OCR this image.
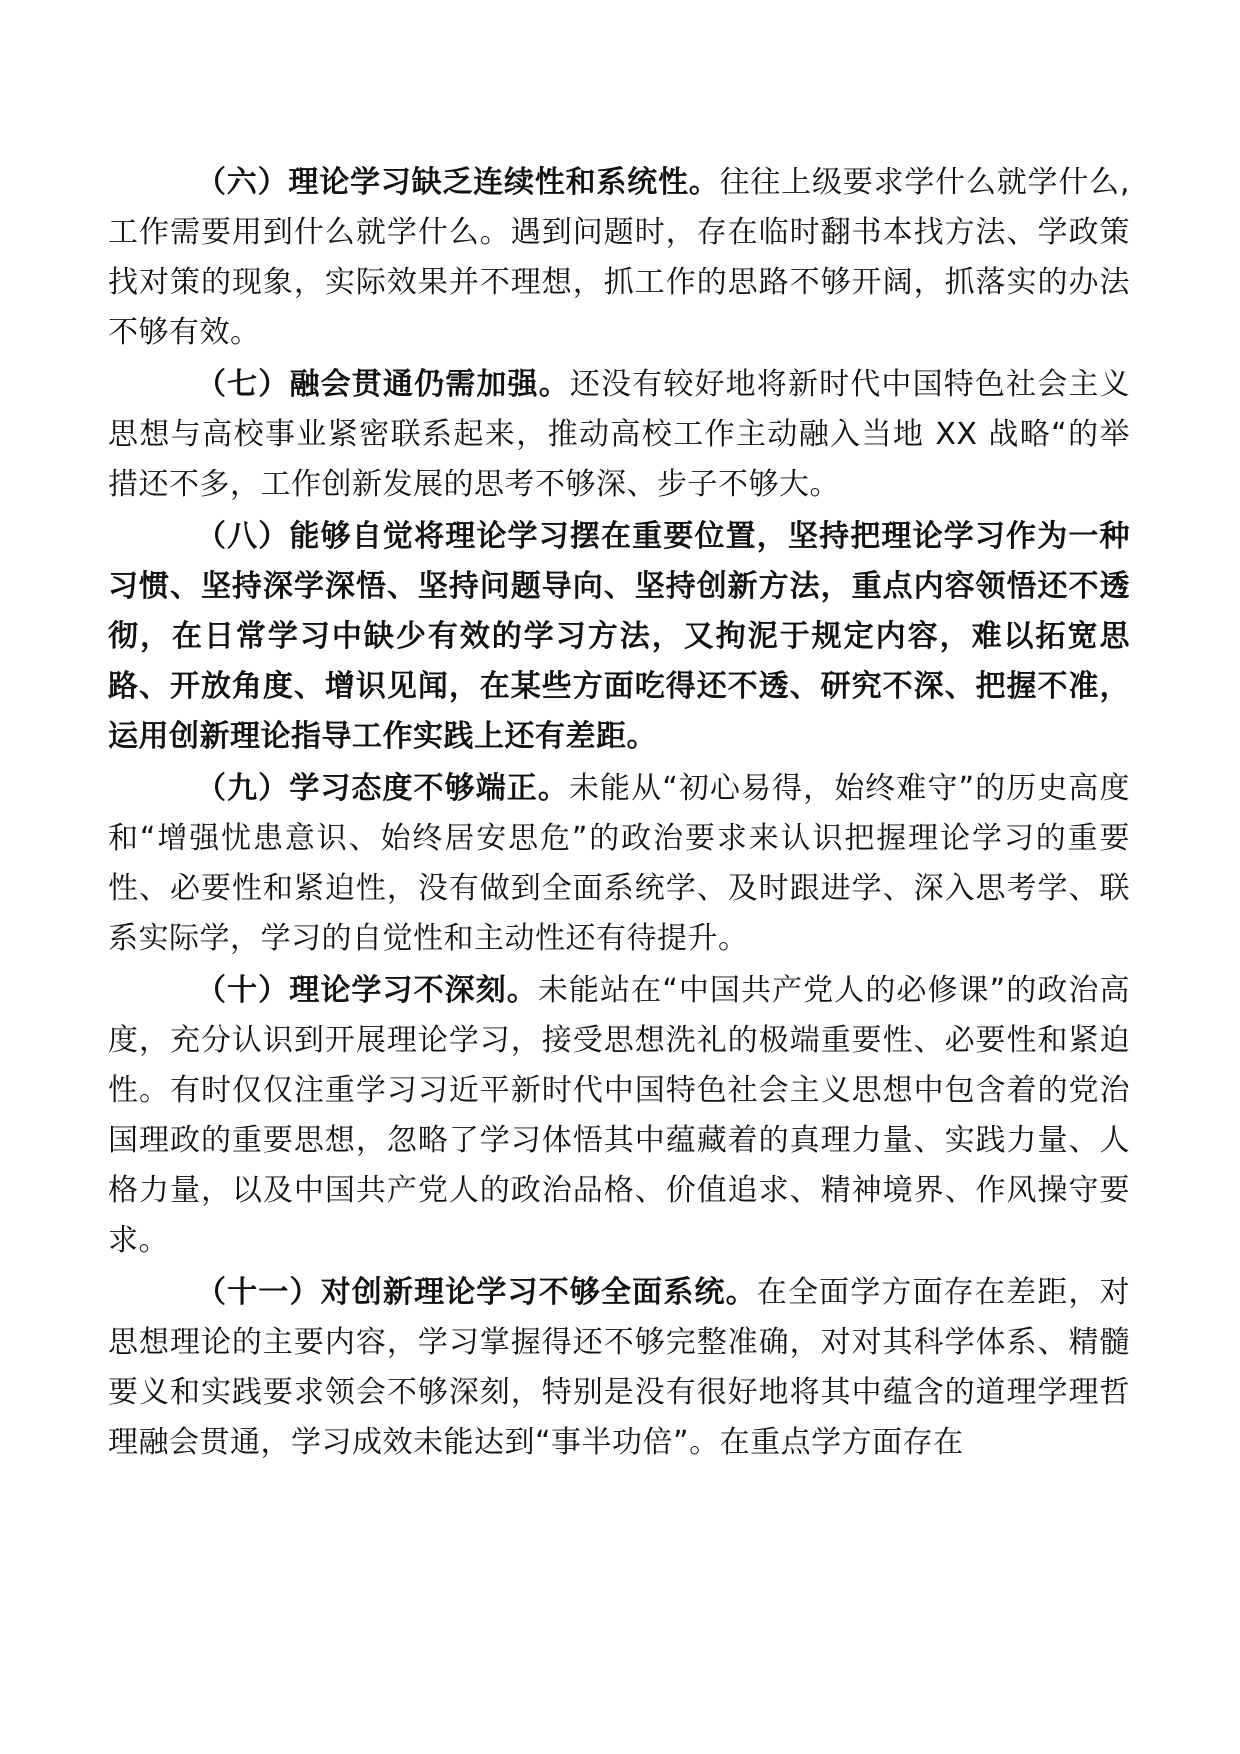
（六）理论学习缺乏连续性和系统性。往往上级要求学什么就学什么,工作需要用到什么就学什么。遇到问题时，存在临时翻书本找方法、学政策找对策的现象，实际效果并不理想，抓工作的思路不够开阔，抓落实的办法不够有效。

（七）融会贯通仍需加强。还没有较好地将新时代中国特色社会主义思想与高校事业紧密联系起来，推动高校工作主动融入当地 XX 战略“的举措还不多，工作创新发展的思考不够深、步子不够大。

（八）能够自觉将理论学习摆在重要位置，坚持把理论学习作为一种习惯、坚持深学深悟、坚持问题导向、坚持创新方法，重点内容领悟还不透彻，在日常学习中缺少有效的学习方法，又拘泥于规定内容，难以拓宽思路、开放角度、增识见闻，在某些方面吃得还不透、研究不深、把握不准，运用创新理论指导工作实践上还有差距。

（九）学习态度不够端正。未能从“初心易得，始终难守”的历史高度和“增强忧患意识、始终居安思危”的政治要求来认识把握理论学习的重要性、必要性和紧迫性，没有做到全面系统学、及时跟进学、深入思考学、联系实际学，学习的自觉性和主动性还有待提升。

（十）理论学习不深刻。未能站在“中国共产党人的必修课”的政治高度，充分认识到开展理论学习，接受思想洗礼的极端重要性、必要性和紧迫性。有时仅仅注重学习习近平新时代中国特色社会主义思想中包含着的党治国理政的重要思想，忽略了学习体悟其中蕴藏着的真理力量、实践力量、人格力量，以及中国共产党人的政治品格、价值追求、精神境界、作风操守要求。

（十一）对创新理论学习不够全面系统。在全面学方面存在差距，对思想理论的主要内容，学习掌握得还不够完整准确，对对其科学体系、精髓要义和实践要求领会不够深刻，特别是没有很好地将其中蕴含的道理学理哲理融会贯通，学习成效未能达到“事半功倍”。在重点学方面存在
